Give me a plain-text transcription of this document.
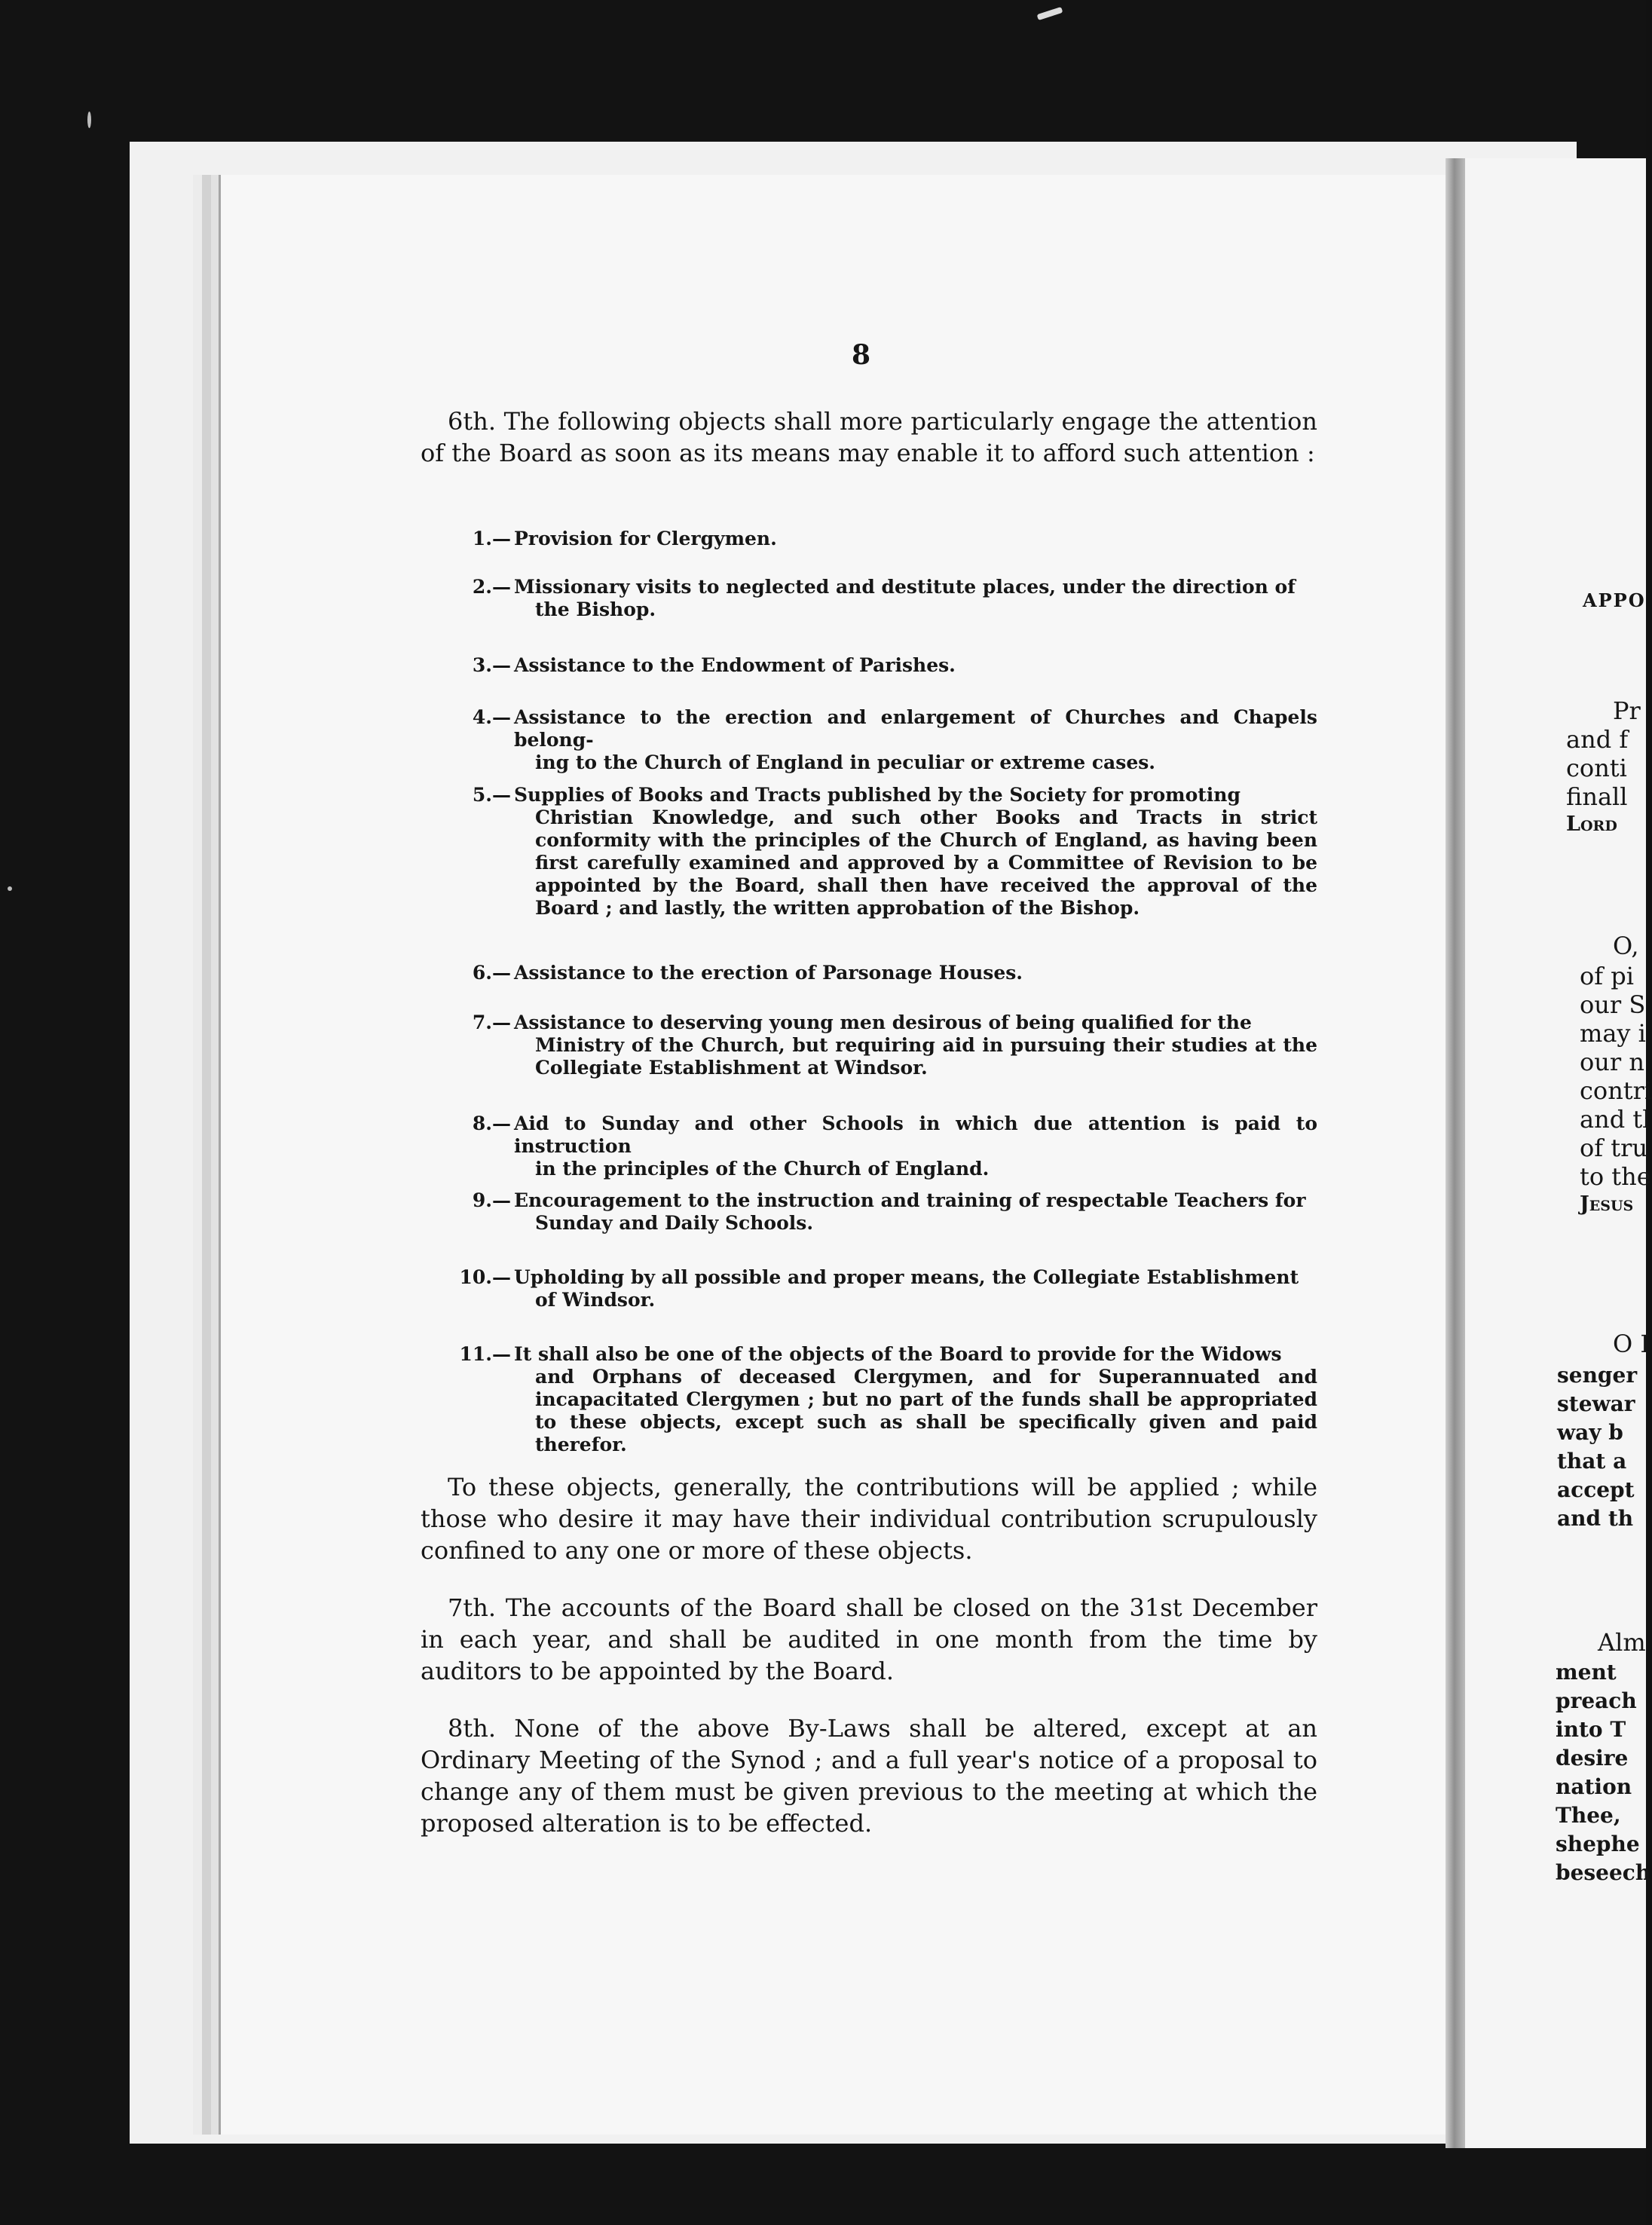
8
6th. The following objects shall more particularly engage the attention of the Board as soon as its means may enable it to afford such attention :
1.— Provision for Clergymen.
2.— Missionary visits to neglected and destitute places, under the direction of
the Bishop.
3.— Assistance to the Endowment of Parishes.
4.— Assistance to the erection and enlargement of Churches and Chapels belong-
ing to the Church of England in peculiar or extreme cases.
5.— Supplies of Books and Tracts published by the Society for promoting
Christian Knowledge, and such other Books and Tracts in strict conformity with the principles of the Church of England, as having been first carefully examined and approved by a Committee of Revision to be appointed by the Board, shall then have received the approval of the Board ; and lastly, the written approbation of the Bishop.
6.— Assistance to the erection of Parsonage Houses.
7.— Assistance to deserving young men desirous of being qualified for the
Ministry of the Church, but requiring aid in pursuing their studies at the Collegiate Establishment at Windsor.
8.— Aid to Sunday and other Schools in which due attention is paid to instruction
in the principles of the Church of England.
9.— Encouragement to the instruction and training of respectable Teachers for
Sunday and Daily Schools.
10.— Upholding by all possible and proper means, the Collegiate Establishment
of Windsor.
11.— It shall also be one of the objects of the Board to provide for the Widows
and Orphans of deceased Clergymen, and for Superannuated and incapacitated Clergymen ; but no part of the funds shall be appropriated to these objects, except such as shall be specifically given and paid therefor.
To these objects, generally, the contributions will be applied ; while those who desire it may have their individual contribution scrupulously confined to any one or more of these objects.
7th. The accounts of the Board shall be closed on the 31st December in each year, and shall be audited in one month from the time by auditors to be appointed by the Board.
8th. None of the above By-Laws shall be altered, except at an Ordinary Meeting of the Synod ; and a full year's notice of a proposal to change any of them must be given previous to the meeting at which the proposed alteration is to be effected.
APPO
Pr
and f
conti
finall
Lord
O,
of pi
our S
may i
our n
contri
and tl
of tru
to the
Jesus
O I
senger
stewar
way b
that a
accept
and th
Alm
ment
preach
into T
desire
nation
Thee,
shephe
beseech
